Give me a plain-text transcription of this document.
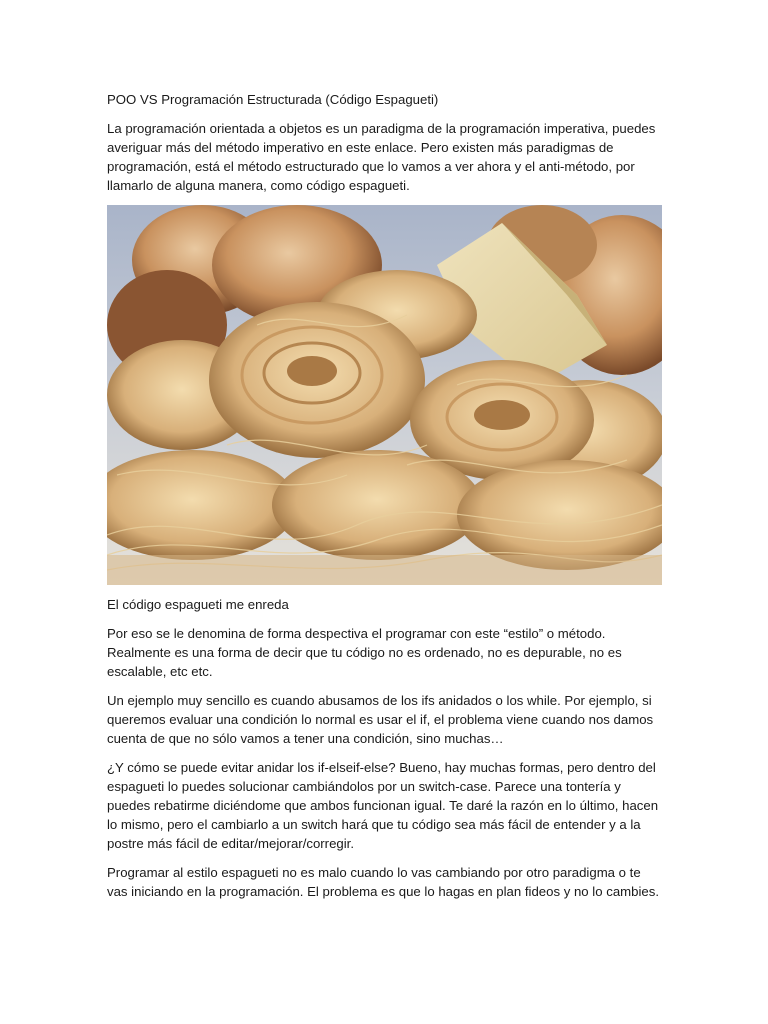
POO VS Programación Estructurada (Código Espagueti)

La programación orientada a objetos es un paradigma de la programación imperativa, puedes averiguar más del método imperativo en este enlace. Pero existen más paradigmas de programación, está el método estructurado que lo vamos a ver ahora y el anti-método, por llamarlo de alguna manera, como código espagueti.

El código espagueti me enreda

Por eso se le denomina de forma despectiva el programar con este “estilo” o método. Realmente es una forma de decir que tu código no es ordenado, no es depurable, no es escalable, etc etc.

Un ejemplo muy sencillo es cuando abusamos de los ifs anidados o los while. Por ejemplo, si queremos evaluar una condición lo normal es usar el if, el problema viene cuando nos damos cuenta de que no sólo vamos a tener una condición, sino muchas…

¿Y cómo se puede evitar anidar los if-elseif-else? Bueno, hay muchas formas, pero dentro del espagueti lo puedes solucionar cambiándolos por un switch-case. Parece una tontería y puedes rebatirme diciéndome que ambos funcionan igual. Te daré la razón en lo último, hacen lo mismo, pero el cambiarlo a un switch hará que tu código sea más fácil de entender y a la postre más fácil de editar/mejorar/corregir.

Programar al estilo espagueti no es malo cuando lo vas cambiando por otro paradigma o te vas iniciando en la programación. El problema es que lo hagas en plan fideos y no lo cambies.
